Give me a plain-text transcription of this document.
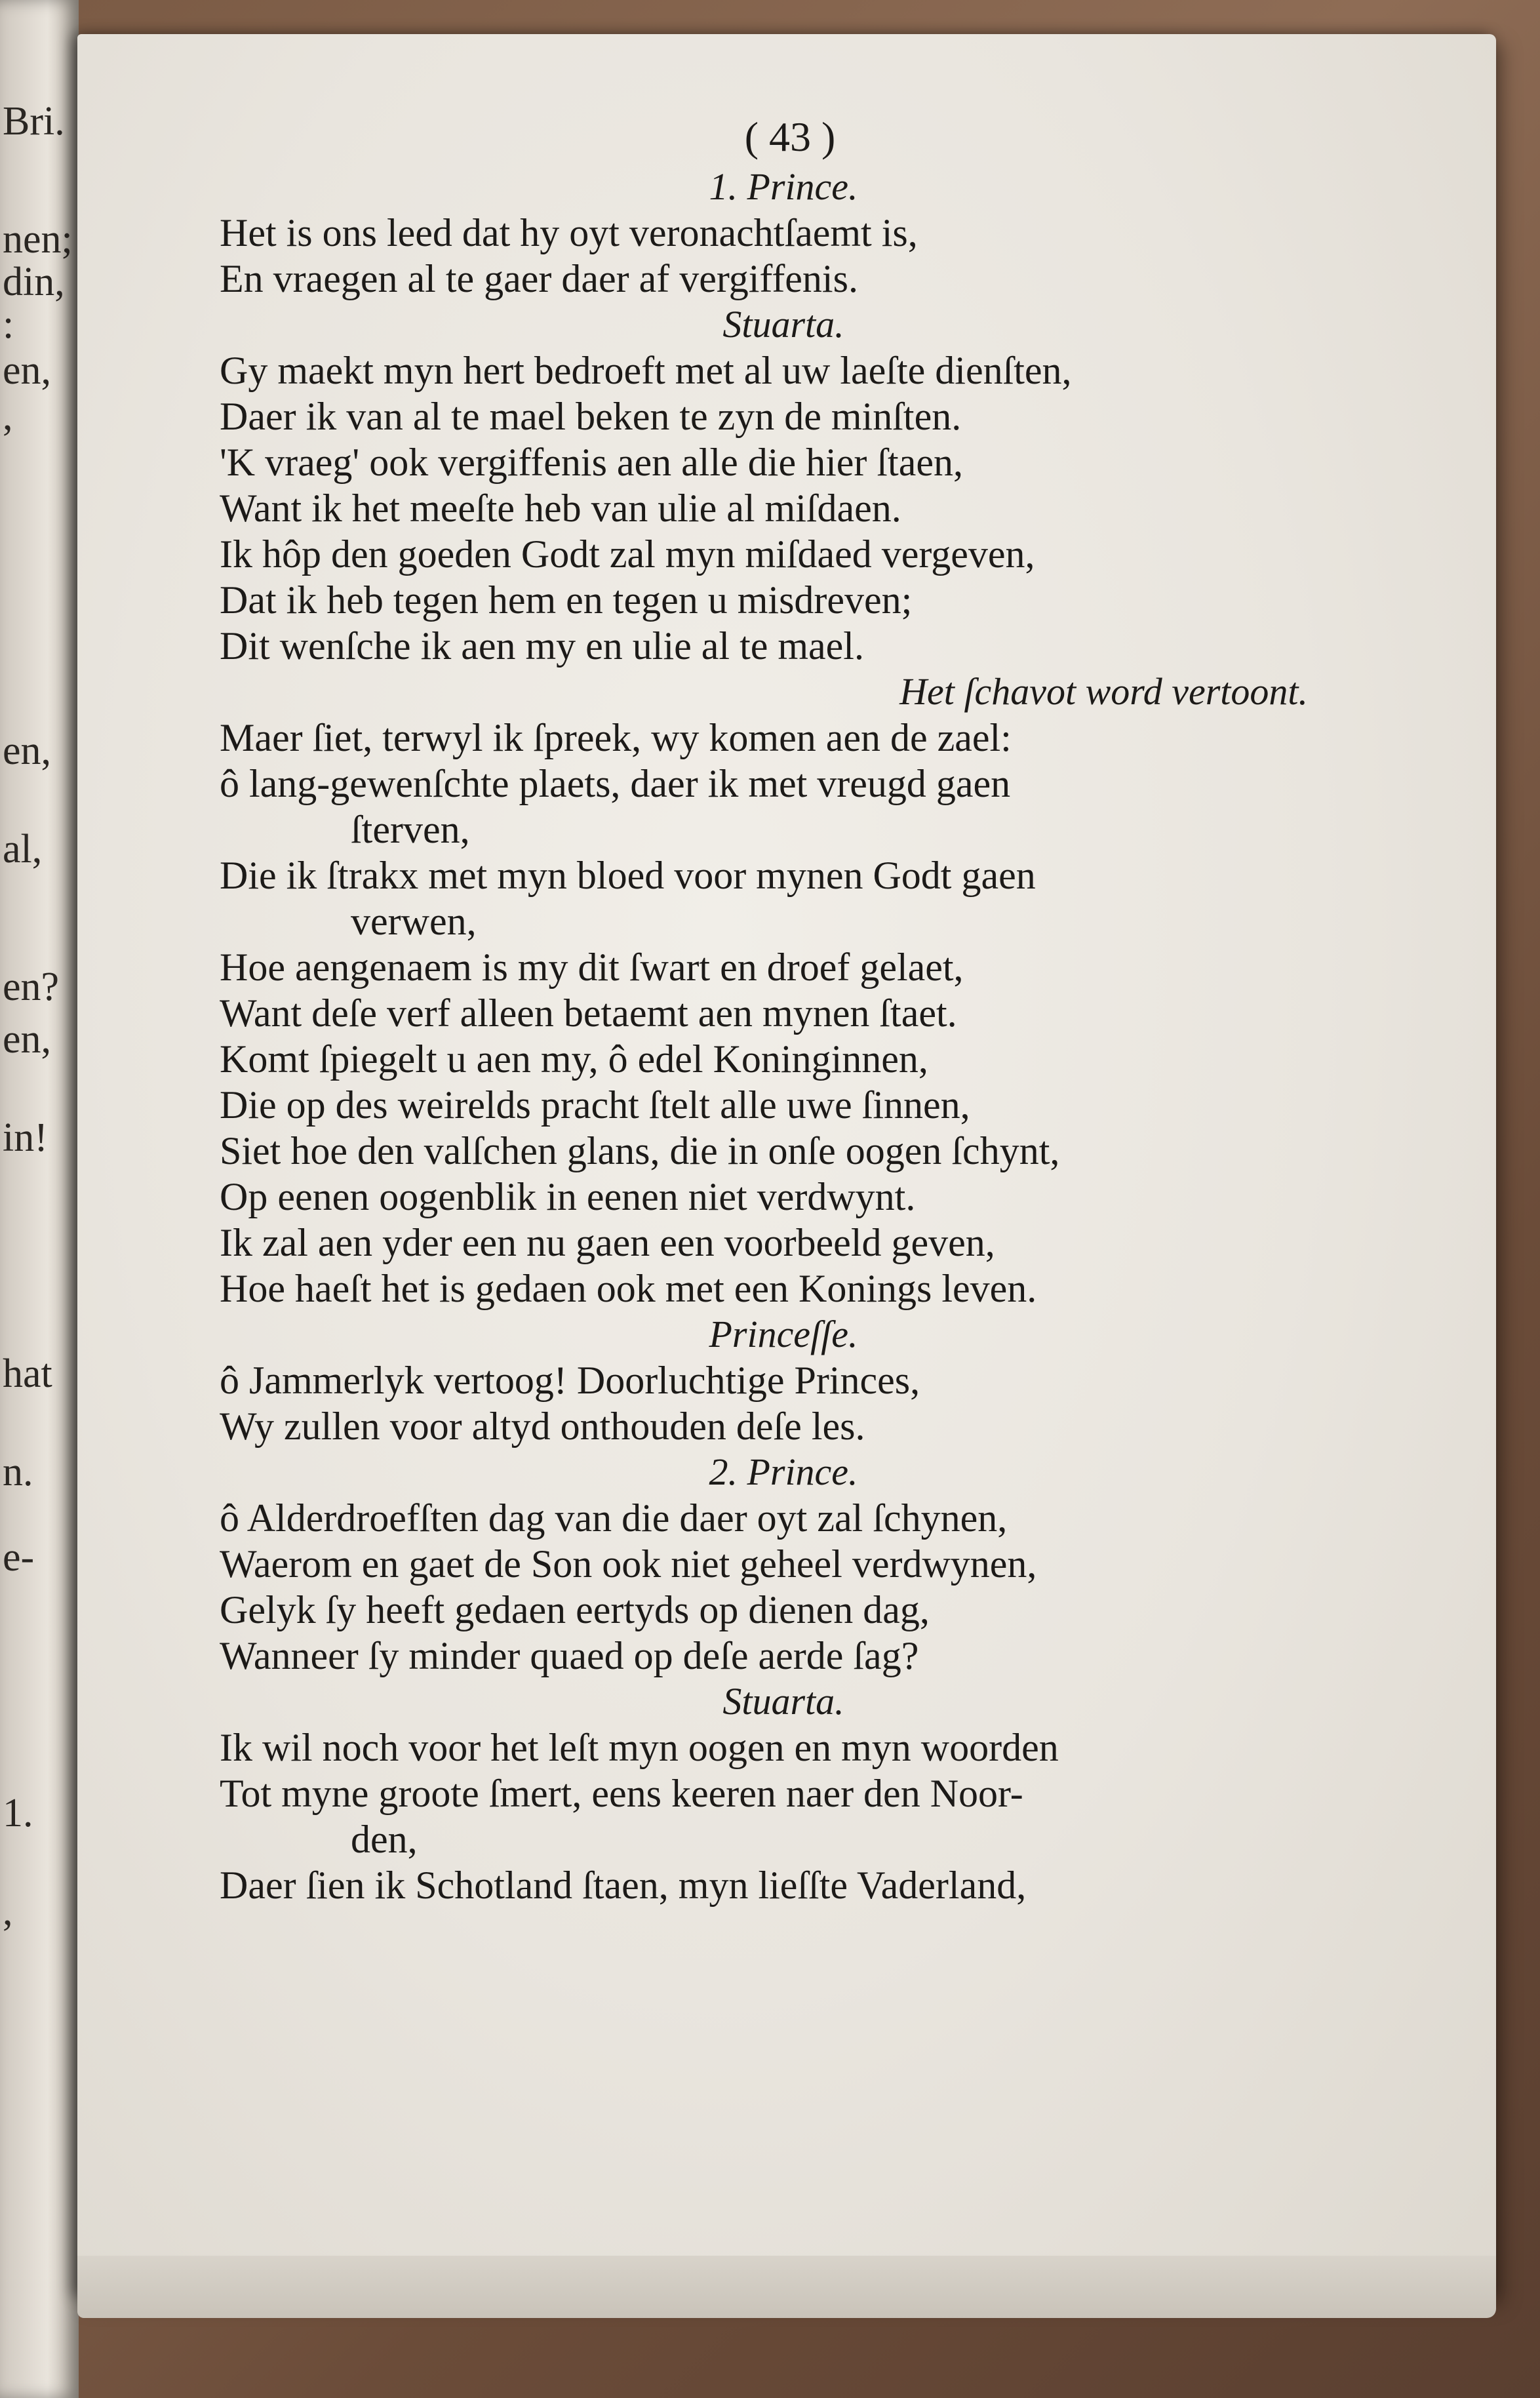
Bri.
nen;
din,
:
en,
,
en,
al,
en?
en,
in!
hat
n.
e-
1.
,
( 43 )
1. Prince.
Het is ons leed dat hy oyt veronachtſaemt is,
En vraegen al te gaer daer af vergiffenis.
Stuarta.
Gy maekt myn hert bedroeft met al uw laeſte dienſten,
Daer ik van al te mael beken te zyn de minſten.
'K vraeg' ook vergiffenis aen alle die hier ſtaen,
Want ik het meeſte heb van ulie al miſdaen.
Ik hôp den goeden Godt zal myn miſdaed vergeven,
Dat ik heb tegen hem en tegen u misdreven;
Dit wenſche ik aen my en ulie al te mael.
Het ſchavot word vertoont.
Maer ſiet, terwyl ik ſpreek, wy komen aen de zael:
ô lang-gewenſchte plaets, daer ik met vreugd gaen
ſterven,
Die ik ſtrakx met myn bloed voor mynen Godt gaen
verwen,
Hoe aengenaem is my dit ſwart en droef gelaet,
Want deſe verf alleen betaemt aen mynen ſtaet.
Komt ſpiegelt u aen my, ô edel Koninginnen,
Die op des weirelds pracht ſtelt alle uwe ſinnen,
Siet hoe den valſchen glans, die in onſe oogen ſchynt,
Op eenen oogenblik in eenen niet verdwynt.
Ik zal aen yder een nu gaen een voorbeeld geven,
Hoe haeſt het is gedaen ook met een Konings leven.
Princeſſe.
ô Jammerlyk vertoog! Doorluchtige Princes,
Wy zullen voor altyd onthouden deſe les.
2. Prince.
ô Alderdroefſten dag van die daer oyt zal ſchynen,
Waerom en gaet de Son ook niet geheel verdwynen,
Gelyk ſy heeft gedaen eertyds op dienen dag,
Wanneer ſy minder quaed op deſe aerde ſag?
Stuarta.
Ik wil noch voor het leſt myn oogen en myn woorden
Tot myne groote ſmert, eens keeren naer den Noor-
den,
Daer ſien ik Schotland ſtaen, myn lieſſte Vaderland,
